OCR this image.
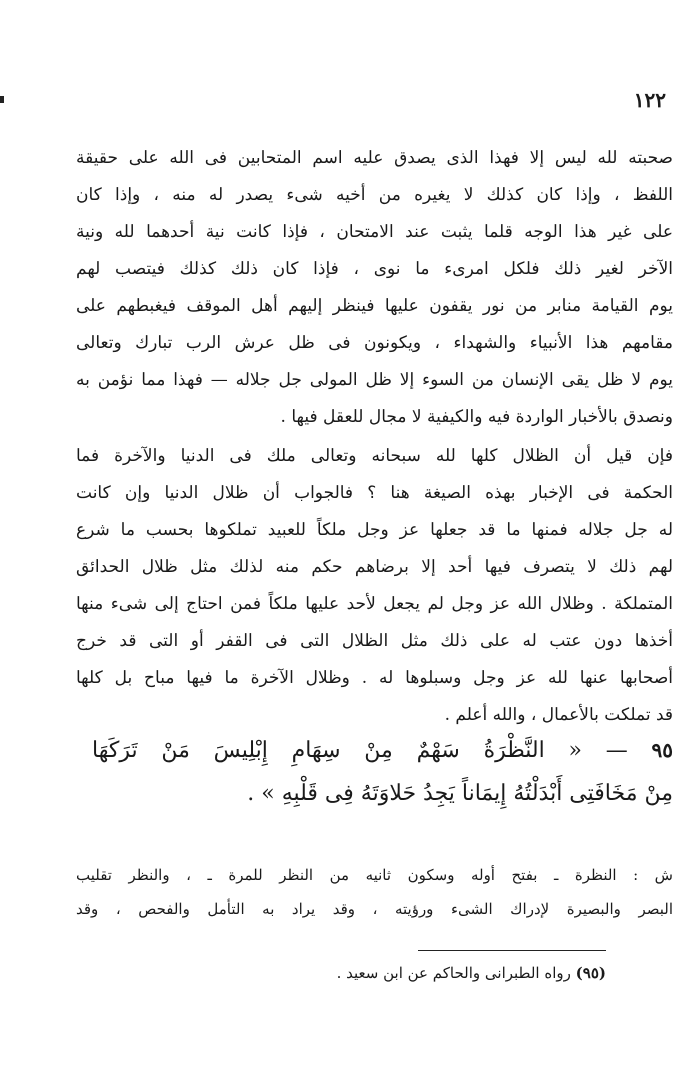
١٢٢
صحبته لله ليس إلا فهذا الذى يصدق عليه اسم المتحابين فى الله على حقيقة
اللفظ ، وإذا كان كذلك لا يغيره من أخيه شىء يصدر له منه ، وإذا كان
على غير هذا الوجه قلما يثبت عند الامتحان ، فإذا كانت نية أحدهما لله ونية
الآخر لغير ذلك فلكل امرىء ما نوى ، فإذا كان ذلك كذلك فيتصب لهم
يوم القيامة منابر من نور يقفون عليها فينظر إليهم أهل الموقف فيغبطهم على
مقامهم هذا الأنبياء والشهداء ، ويكونون فى ظل عرش الرب تبارك وتعالى
يوم لا ظل يقى الإنسان من السوء إلا ظل المولى جل جلاله — فهذا مما نؤمن به
ونصدق بالأخبار الواردة فيه والكيفية لا مجال للعقل فيها .
فإن قيل أن الظلال كلها لله سبحانه وتعالى ملك فى الدنيا والآخرة فما
الحكمة فى الإخبار بهذه الصيغة هنا ؟ فالجواب أن ظلال الدنيا وإن كانت
له جل جلاله فمنها ما قد جعلها عز وجل ملكاً للعبيد تملكوها بحسب ما شرع
لهم ذلك لا يتصرف فيها أحد إلا برضاهم حكم منه لذلك مثل ظلال الحدائق
المتملكة . وظلال الله عز وجل لم يجعل لأحد عليها ملكاً فمن احتاج إلى شىء منها
أخذها دون عتب له على ذلك مثل الظلال التى فى القفر أو التى قد خرج
أصحابها عنها لله عز وجل وسبلوها له . وظلال الآخرة ما فيها مباح بل كلها
قد تملكت بالأعمال ، والله أعلم .
٩٥ — « النَّظْرَةُ سَهْمٌ مِنْ سِهَامِ إِبْلِيسَ مَنْ تَرَكَهَا
مِنْ مَخَافَتِى أَبْدَلْتُهُ إِيمَاناً يَجِدُ حَلاوَتَهُ فِى قَلْبِهِ » .
ش : النظرة ـ بفتح أوله وسكون ثانيه من النظر للمرة ـ ، والنظر تقليب
البصر والبصيرة لإدراك الشىء ورؤيته ، وقد يراد به التأمل والفحص ، وقد
(٩٥) رواه الطبرانى والحاكم عن ابن سعيد .
